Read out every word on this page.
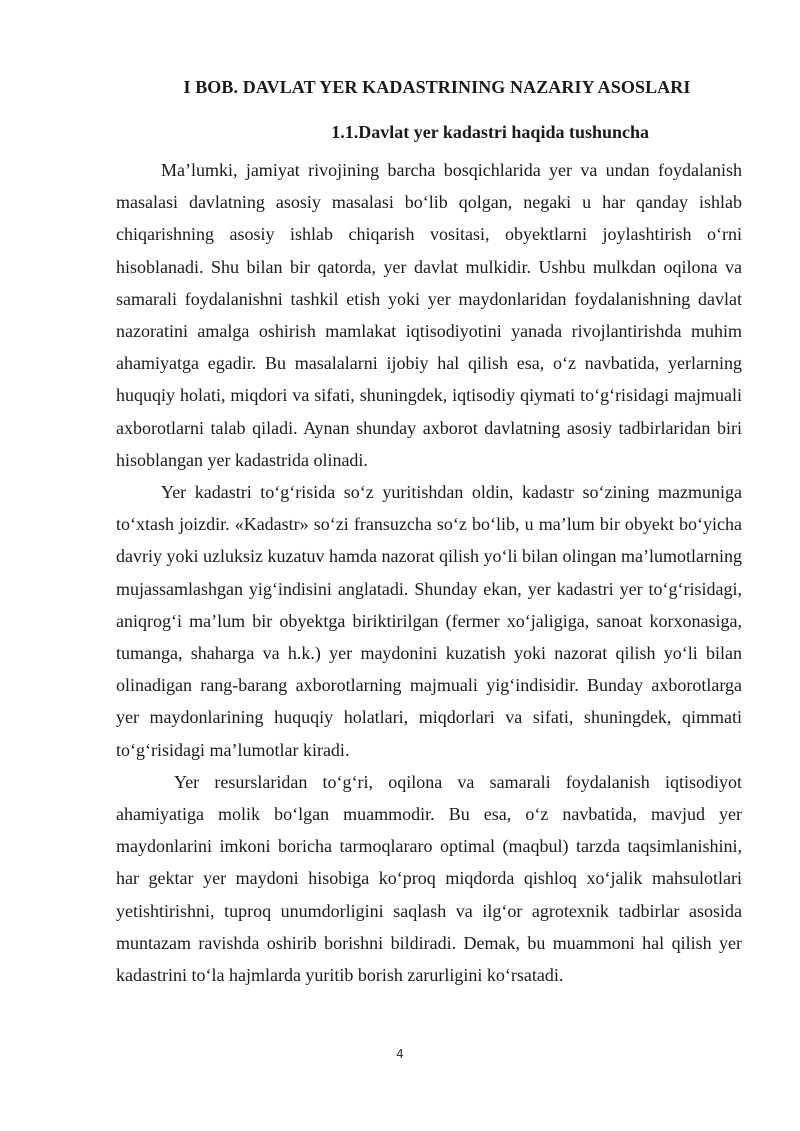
I BOB. DAVLAT YER KADASTRINING NAZARIY ASOSLARI
1.1.Davlat yer kadastri haqida tushuncha

Ma’lumki, jamiyat rivojining barcha bosqichlarida yer va undan foydalanish masalasi davlatning asosiy masalasi bo‘lib qolgan, negaki u har qanday ishlab chiqarishning asosiy ishlab chiqarish vositasi, obyektlarni joylashtirish o‘rni hisoblanadi. Shu bilan bir qatorda, yer davlat mulkidir. Ushbu mulkdan oqilona va samarali foydalanishni tashkil etish yoki yer maydonlaridan foydalanishning davlat nazoratini amalga oshirish mamlakat iqtisodiyotini yanada rivojlantirishda muhim ahamiyatga egadir. Bu masalalarni ijobiy hal qilish esa, o‘z navbatida, yerlarning huquqiy holati, miqdori va sifati, shuningdek, iqtisodiy qiymati to‘g‘risidagi majmuali axborotlarni talab qiladi. Aynan shunday axborot davlatning asosiy tadbirlaridan biri hisoblangan yer kadastrida olinadi.

Yer kadastri to‘g‘risida so‘z yuritishdan oldin, kadastr so‘zining mazmuniga to‘xtash joizdir. «Kadastr» so‘zi fransuzcha so‘z bo‘lib, u ma’lum bir obyekt bo‘yicha davriy yoki uzluksiz kuzatuv hamda nazorat qilish yo‘li bilan olingan ma’lumotlarning mujassamlashgan yig‘indisini anglatadi. Shunday ekan, yer kadastri yer to‘g‘risidagi, aniqrog‘i ma’lum bir obyektga biriktirilgan (fermer xo‘jaligiga, sanoat korxonasiga, tumanga, shaharga va h.k.) yer maydonini kuzatish yoki nazorat qilish yo‘li bilan olinadigan rang-barang axborotlarning majmuali yig‘indisidir. Bunday axborotlarga yer maydonlarining huquqiy holatlari, miqdorlari va sifati, shuningdek, qimmati to‘g‘risidagi ma’lumotlar kiradi.

Yer resurslaridan to‘g‘ri, oqilona va samarali foydalanish iqtisodiyot ahamiyatiga molik bo‘lgan muammodir. Bu esa, o‘z navbatida, mavjud yer maydonlarini imkoni boricha tarmoqlararo optimal (maqbul) tarzda taqsimlanishini, har gektar yer maydoni hisobiga ko‘proq miqdorda qishloq xo‘jalik mahsulotlari yetishtirishni, tuproq unumdorligini saqlash va ilg‘or agrotexnik tadbirlar asosida muntazam ravishda oshirib borishni bildiradi. Demak, bu muammoni hal qilish yer kadastrini to‘la hajmlarda yuritib borish zarurligini ko‘rsatadi.

4
